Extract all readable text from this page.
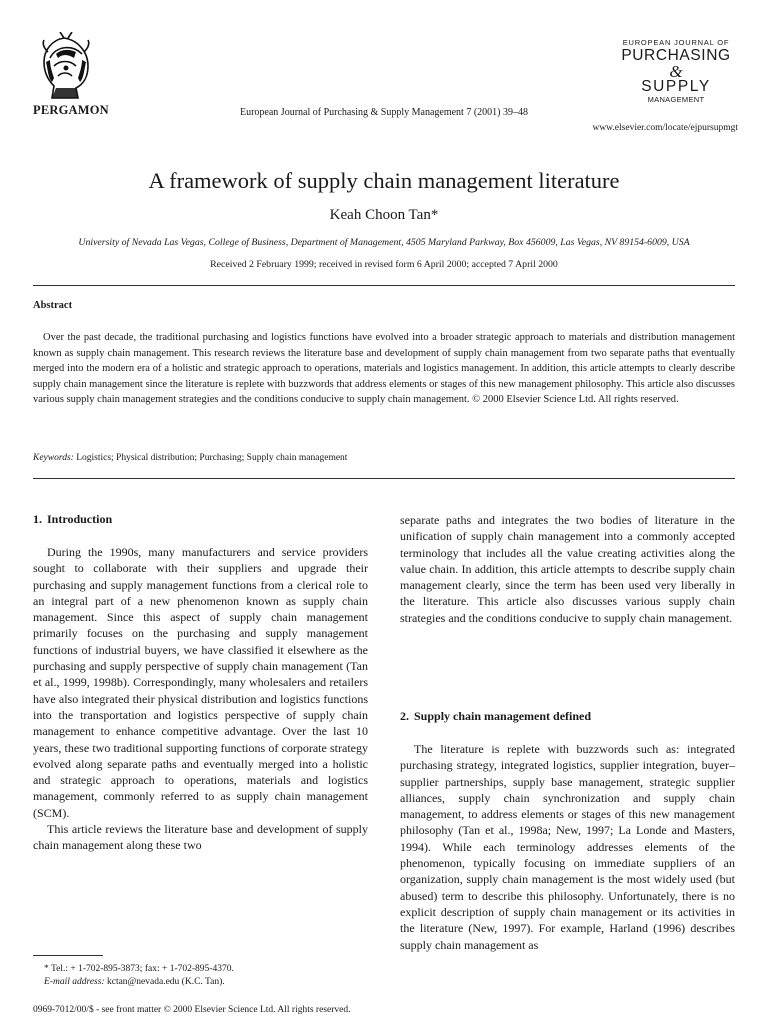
PERGAMON	European Journal of Purchasing & Supply Management 7 (2001) 39–48
EUROPEAN JOURNAL OF
PURCHASING
&
SUPPLY
MANAGEMENT
www.elsevier.com/locate/ejpursupmgt
A framework of supply chain management literature
Keah Choon Tan*
University of Nevada Las Vegas, College of Business, Department of Management, 4505 Maryland Parkway, Box 456009, Las Vegas, NV 89154-6009, USA
Received 2 February 1999; received in revised form 6 April 2000; accepted 7 April 2000
Abstract
Over the past decade, the traditional purchasing and logistics functions have evolved into a broader strategic approach to materials and distribution management known as supply chain management. This research reviews the literature base and development of supply chain management from two separate paths that eventually merged into the modern era of a holistic and strategic approach to operations, materials and logistics management. In addition, this article attempts to clearly describe supply chain management since the literature is replete with buzzwords that address elements or stages of this new management philosophy. This article also discusses various supply chain management strategies and the conditions conducive to supply chain management. © 2000 Elsevier Science Ltd. All rights reserved.
Keywords: Logistics; Physical distribution; Purchasing; Supply chain management
1. Introduction

During the 1990s, many manufacturers and service providers sought to collaborate with their suppliers and upgrade their purchasing and supply management functions from a clerical role to an integral part of a new phenomenon known as supply chain management. Since this aspect of supply chain management primarily focuses on the purchasing and supply management functions of industrial buyers, we have classified it elsewhere as the purchasing and supply perspective of supply chain management (Tan et al., 1999, 1998b). Correspondingly, many wholesalers and retailers have also integrated their physical distribution and logistics functions into the transportation and logistics perspective of supply chain management to enhance competitive advantage. Over the last 10 years, these two traditional supporting functions of corporate strategy evolved along separate paths and eventually merged into a holistic and strategic approach to operations, materials and logistics management, commonly referred to as supply chain management (SCM).

This article reviews the literature base and development of supply chain management along these two

separate paths and integrates the two bodies of literature in the unification of supply chain management into a commonly accepted terminology that includes all the value creating activities along the value chain. In addition, this article attempts to describe supply chain management clearly, since the term has been used very liberally in the literature. This article also discusses various supply chain strategies and the conditions conducive to supply chain management.

2. Supply chain management defined

The literature is replete with buzzwords such as: integrated purchasing strategy, integrated logistics, supplier integration, buyer–supplier partnerships, supply base management, strategic supplier alliances, supply chain synchronization and supply chain management, to address elements or stages of this new management philosophy (Tan et al., 1998a; New, 1997; La Londe and Masters, 1994). While each terminology addresses elements of the phenomenon, typically focusing on immediate suppliers of an organization, supply chain management is the most widely used (but abused) term to describe this philosophy. Unfortunately, there is no explicit description of supply chain management or its activities in the literature (New, 1997). For example, Harland (1996) describes supply chain management as

* Tel.: + 1-702-895-3873; fax: + 1-702-895-4370.
E-mail address: kctan@nevada.edu (K.C. Tan).
0969-7012/00/$ - see front matter © 2000 Elsevier Science Ltd. All rights reserved.
